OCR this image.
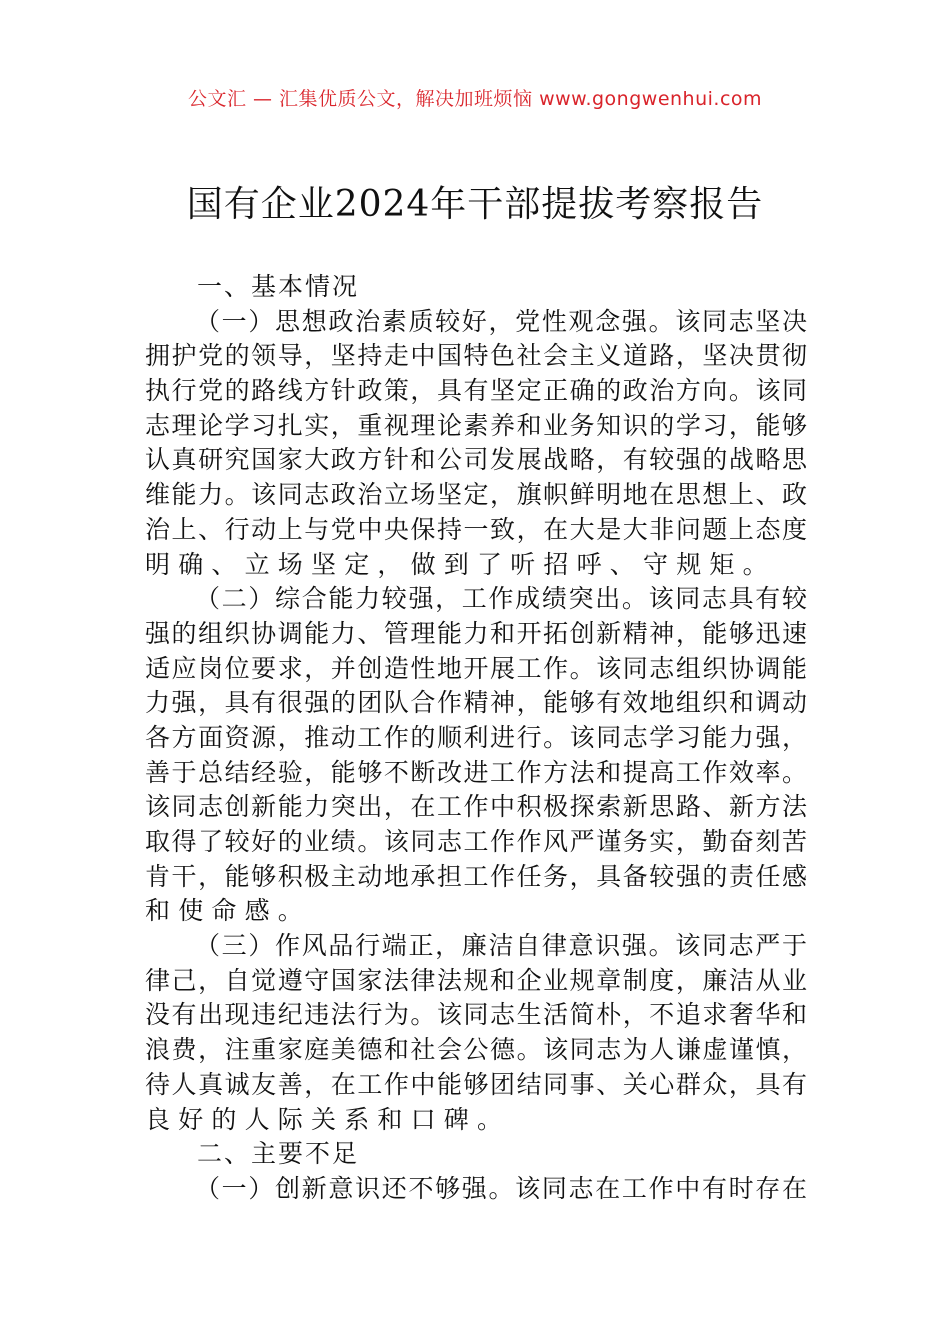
公文汇 — 汇集优质公文，解决加班烦恼 www.gongwenhui.com
国有企业2024年干部提拔考察报告
一、基本情况
（一）思想政治素质较好，党性观念强。该同志坚决
拥护党的领导，坚持走中国特色社会主义道路，坚决贯彻
执行党的路线方针政策，具有坚定正确的政治方向。该同
志理论学习扎实，重视理论素养和业务知识的学习，能够
认真研究国家大政方针和公司发展战略，有较强的战略思
维能力。该同志政治立场坚定，旗帜鲜明地在思想上、政
治上、行动上与党中央保持一致，在大是大非问题上态度
明确、立场坚定，做到了听招呼、守规矩。
（二）综合能力较强，工作成绩突出。该同志具有较
强的组织协调能力、管理能力和开拓创新精神，能够迅速
适应岗位要求，并创造性地开展工作。该同志组织协调能
力强，具有很强的团队合作精神，能够有效地组织和调动
各方面资源，推动工作的顺利进行。该同志学习能力强，
善于总结经验，能够不断改进工作方法和提高工作效率。
该同志创新能力突出，在工作中积极探索新思路、新方法
取得了较好的业绩。该同志工作作风严谨务实，勤奋刻苦
肯干，能够积极主动地承担工作任务，具备较强的责任感
和使命感。
（三）作风品行端正，廉洁自律意识强。该同志严于
律己，自觉遵守国家法律法规和企业规章制度，廉洁从业
没有出现违纪违法行为。该同志生活简朴，不追求奢华和
浪费，注重家庭美德和社会公德。该同志为人谦虚谨慎，
待人真诚友善，在工作中能够团结同事、关心群众，具有
良好的人际关系和口碑。
二、主要不足
（一）创新意识还不够强。该同志在工作中有时存在
